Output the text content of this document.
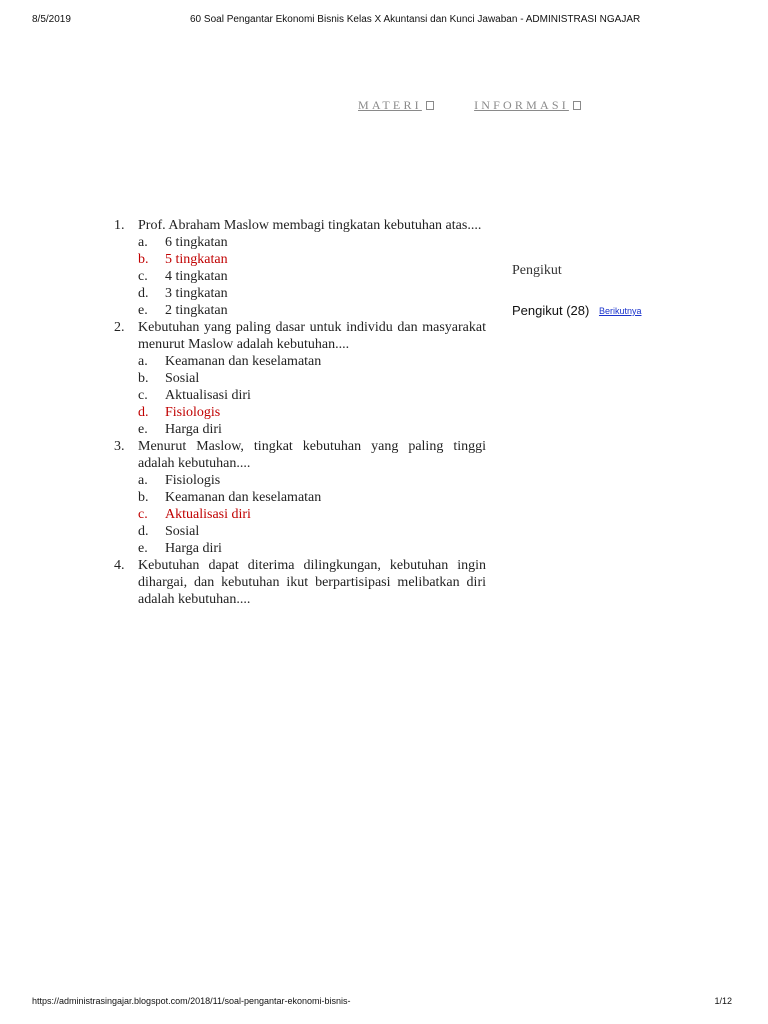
8/5/2019	60 Soal Pengantar Ekonomi Bisnis Kelas X Akuntansi dan Kunci Jawaban - ADMINISTRASI NGAJAR
MATERI	INFORMASI
1. Prof. Abraham Maslow membagi tingkatan kebutuhan atas....
a. 6 tingkatan
b. 5 tingkatan
c. 4 tingkatan
d. 3 tingkatan
e. 2 tingkatan
2. Kebutuhan yang paling dasar untuk individu dan masyarakat menurut Maslow adalah kebutuhan....
a. Keamanan dan keselamatan
b. Sosial
c. Aktualisasi diri
d. Fisiologis
e. Harga diri
3. Menurut Maslow, tingkat kebutuhan yang paling tinggi adalah kebutuhan....
a. Fisiologis
b. Keamanan dan keselamatan
c. Aktualisasi diri
d. Sosial
e. Harga diri
4. Kebutuhan dapat diterima dilingkungan, kebutuhan ingin dihargai, dan kebutuhan ikut berpartisipasi melibatkan diri adalah kebutuhan....
Pengikut
Pengikut (28) Berikutnya
https://administrasingajar.blogspot.com/2018/11/soal-pengantar-ekonomi-bisnis-	1/12
